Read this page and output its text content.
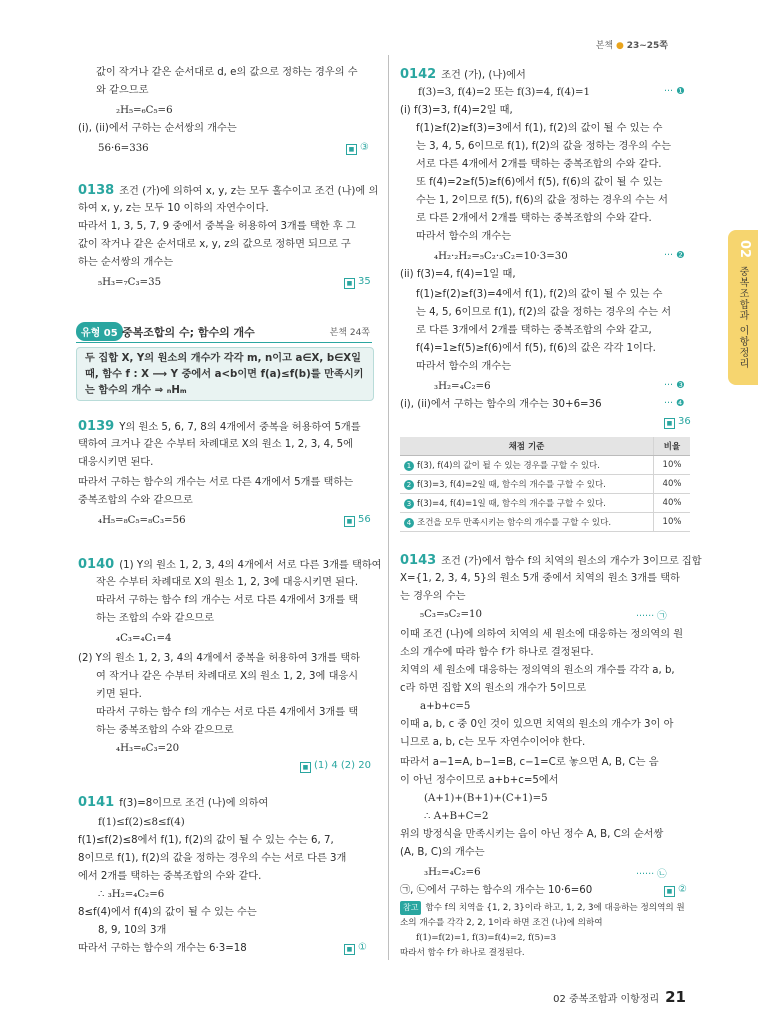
본책 ● 23~25쪽
02
중복조합과 이항정리
값이 작거나 같은 순서대로 d, e의 값으로 정하는 경우의 수
와 같으므로
₂H₅=₆C₅=6
(i), (ii)에서 구하는 순서쌍의 개수는
56·6=336	■ ③
0138 조건 (가)에 의하여 x, y, z는 모두 홀수이고 조건 (나)에 의
하여 x, y, z는 모두 10 이하의 자연수이다.
따라서 1, 3, 5, 7, 9 중에서 중복을 허용하여 3개를 택한 후 그
값이 작거나 같은 순서대로 x, y, z의 값으로 정하면 되므로 구
하는 순서쌍의 개수는
₅H₃=₇C₃=35	■ 35
유형 05 중복조합의 수; 함수의 개수	본책 24쪽
두 집합 X, Y의 원소의 개수가 각각 m, n이고 a∈X, b∈X일
때, 함수 f : X ⟶ Y 중에서 a<b이면 f(a)≤f(b)를 만족시키
는 함수의 개수 ⇒ ₙHₘ
0139 Y의 원소 5, 6, 7, 8의 4개에서 중복을 허용하여 5개를
택하여 크거나 같은 수부터 차례대로 X의 원소 1, 2, 3, 4, 5에
대응시키면 된다.
따라서 구하는 함수의 개수는 서로 다른 4개에서 5개를 택하는
중복조합의 수와 같으므로
₄H₅=₈C₅=₈C₃=56	■ 56
0140 (1) Y의 원소 1, 2, 3, 4의 4개에서 서로 다른 3개를 택하여
작은 수부터 차례대로 X의 원소 1, 2, 3에 대응시키면 된다.
따라서 구하는 함수 f의 개수는 서로 다른 4개에서 3개를 택
하는 조합의 수와 같으므로
₄C₃=₄C₁=4
(2) Y의 원소 1, 2, 3, 4의 4개에서 중복을 허용하여 3개를 택하
여 작거나 같은 수부터 차례대로 X의 원소 1, 2, 3에 대응시
키면 된다.
따라서 구하는 함수 f의 개수는 서로 다른 4개에서 3개를 택
하는 중복조합의 수와 같으므로
₄H₃=₆C₃=20
■ (1) 4 (2) 20
0141 f(3)=8이므로 조건 (나)에 의하여
f(1)≤f(2)≤8≤f(4)
f(1)≤f(2)≤8에서 f(1), f(2)의 값이 될 수 있는 수는 6, 7,
8이므로 f(1), f(2)의 값을 정하는 경우의 수는 서로 다른 3개
에서 2개를 택하는 중복조합의 수와 같다.
∴ ₃H₂=₄C₂=6
8≤f(4)에서 f(4)의 값이 될 수 있는 수는
8, 9, 10의 3개
따라서 구하는 함수의 개수는 6·3=18	■ ①
0142 조건 (가), (나)에서
f(3)=3, f(4)=2 또는 f(3)=4, f(4)=1	··· ❶
(i) f(3)=3, f(4)=2일 때,
f(1)≥f(2)≥f(3)=3에서 f(1), f(2)의 값이 될 수 있는 수
는 3, 4, 5, 6이므로 f(1), f(2)의 값을 정하는 경우의 수는
서로 다른 4개에서 2개를 택하는 중복조합의 수와 같다.
또 f(4)=2≥f(5)≥f(6)에서 f(5), f(6)의 값이 될 수 있는
수는 1, 2이므로 f(5), f(6)의 값을 정하는 경우의 수는 서
로 다른 2개에서 2개를 택하는 중복조합의 수와 같다.
따라서 함수의 개수는
₄H₂·₂H₂=₅C₂·₃C₂=10·3=30	··· ❷
(ii) f(3)=4, f(4)=1일 때,
f(1)≥f(2)≥f(3)=4에서 f(1), f(2)의 값이 될 수 있는 수
는 4, 5, 6이므로 f(1), f(2)의 값을 정하는 경우의 수는 서
로 다른 3개에서 2개를 택하는 중복조합의 수와 같고,
f(4)=1≥f(5)≥f(6)에서 f(5), f(6)의 값은 각각 1이다.
따라서 함수의 개수는
₃H₂=₄C₂=6	··· ❸
(i), (ii)에서 구하는 함수의 개수는 30+6=36	··· ❹
■ 36
채점 기준	비율
1 f(3), f(4)의 값이 될 수 있는 경우를 구할 수 있다.	10%
2 f(3)=3, f(4)=2일 때, 함수의 개수를 구할 수 있다.	40%
3 f(3)=4, f(4)=1일 때, 함수의 개수를 구할 수 있다.	40%
4 조건을 모두 만족시키는 함수의 개수를 구할 수 있다.	10%
0143 조건 (가)에서 함수 f의 치역의 원소의 개수가 3이므로 집합
X={1, 2, 3, 4, 5}의 원소 5개 중에서 치역의 원소 3개를 택하
는 경우의 수는
₅C₃=₅C₂=10	······ ㉠
이때 조건 (나)에 의하여 치역의 세 원소에 대응하는 정의역의 원
소의 개수에 따라 함수 f가 하나로 결정된다.
치역의 세 원소에 대응하는 정의역의 원소의 개수를 각각 a, b,
c라 하면 집합 X의 원소의 개수가 5이므로
a+b+c=5
이때 a, b, c 중 0인 것이 있으면 치역의 원소의 개수가 3이 아
니므로 a, b, c는 모두 자연수이어야 한다.
따라서 a−1=A, b−1=B, c−1=C로 놓으면 A, B, C는 음
이 아닌 정수이므로 a+b+c=5에서
(A+1)+(B+1)+(C+1)=5
∴ A+B+C=2
위의 방정식을 만족시키는 음이 아닌 정수 A, B, C의 순서쌍
(A, B, C)의 개수는
₃H₂=₄C₂=6	······ ㉡
㉠, ㉡에서 구하는 함수의 개수는 10·6=60	■ ②
참고 함수 f의 치역을 {1, 2, 3}이라 하고, 1, 2, 3에 대응하는 정의역의 원
소의 개수를 각각 2, 2, 1이라 하면 조건 (나)에 의하여
f(1)=f(2)=1, f(3)=f(4)=2, f(5)=3
따라서 함수 f가 하나로 결정된다.
02 중복조합과 이항정리 21
